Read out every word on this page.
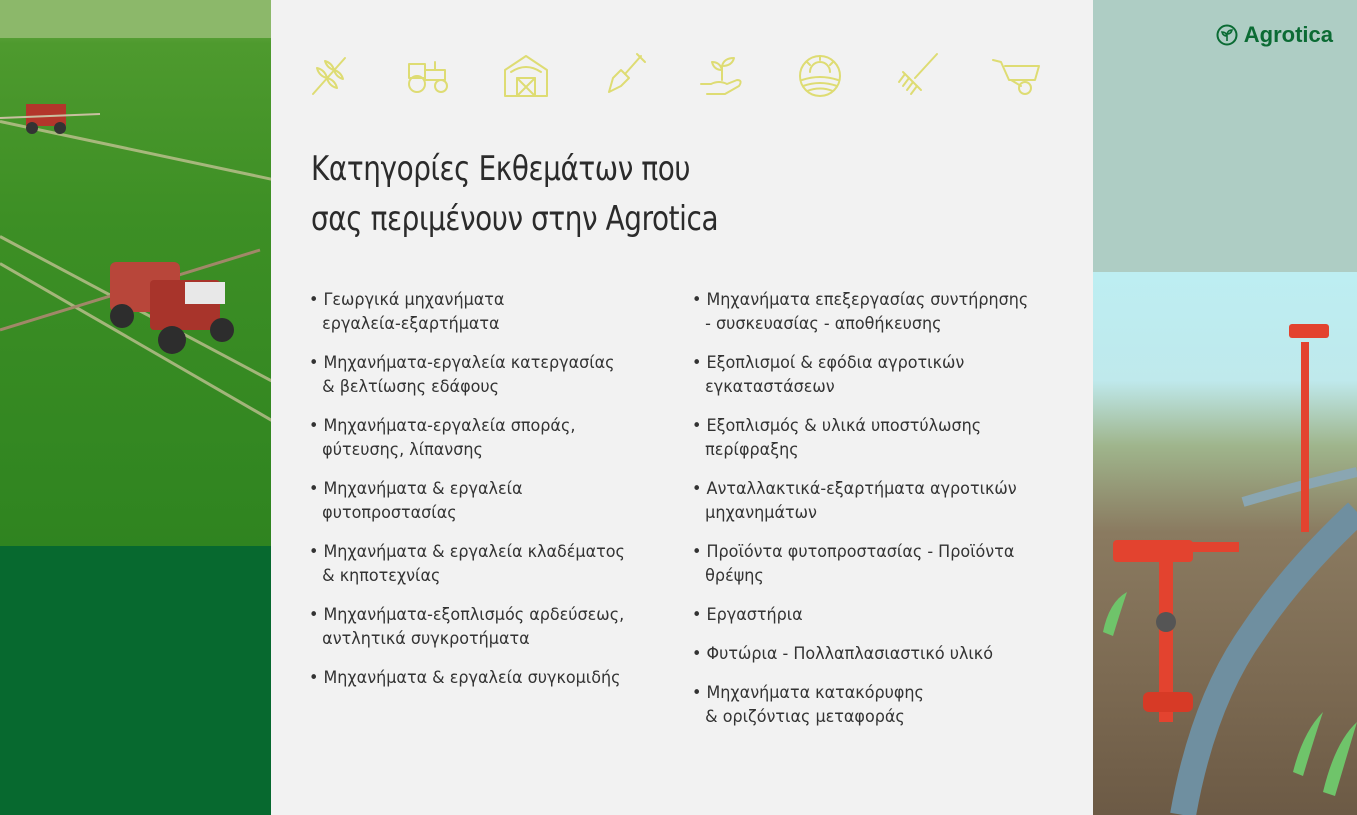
Κατηγορίες Εκθεμάτων που
σας περιμένουν στην Agrotica
• Γεωργικά μηχανήματα
εργαλεία-εξαρτήματα
• Μηχανήματα-εργαλεία κατεργασίας
& βελτίωσης εδάφους
• Μηχανήματα-εργαλεία σποράς,
φύτευσης, λίπανσης
• Μηχανήματα & εργαλεία
φυτοπροστασίας
• Μηχανήματα & εργαλεία κλαδέματος
& κηποτεχνίας
• Μηχανήματα-εξοπλισμός αρδεύσεως,
αντλητικά συγκροτήματα
• Μηχανήματα & εργαλεία συγκομιδής
• Μηχανήματα επεξεργασίας συντήρησης
- συσκευασίας - αποθήκευσης
• Εξοπλισμοί & εφόδια αγροτικών
εγκαταστάσεων
• Εξοπλισμός & υλικά υποστύλωσης
περίφραξης
• Ανταλλακτικά-εξαρτήματα αγροτικών
μηχανημάτων
• Προϊόντα φυτοπροστασίας - Προϊόντα
θρέψης
• Εργαστήρια
• Φυτώρια - Πολλαπλασιαστικό υλικό
• Μηχανήματα κατακόρυφης
& οριζόντιας μεταφοράς
Agrotica
